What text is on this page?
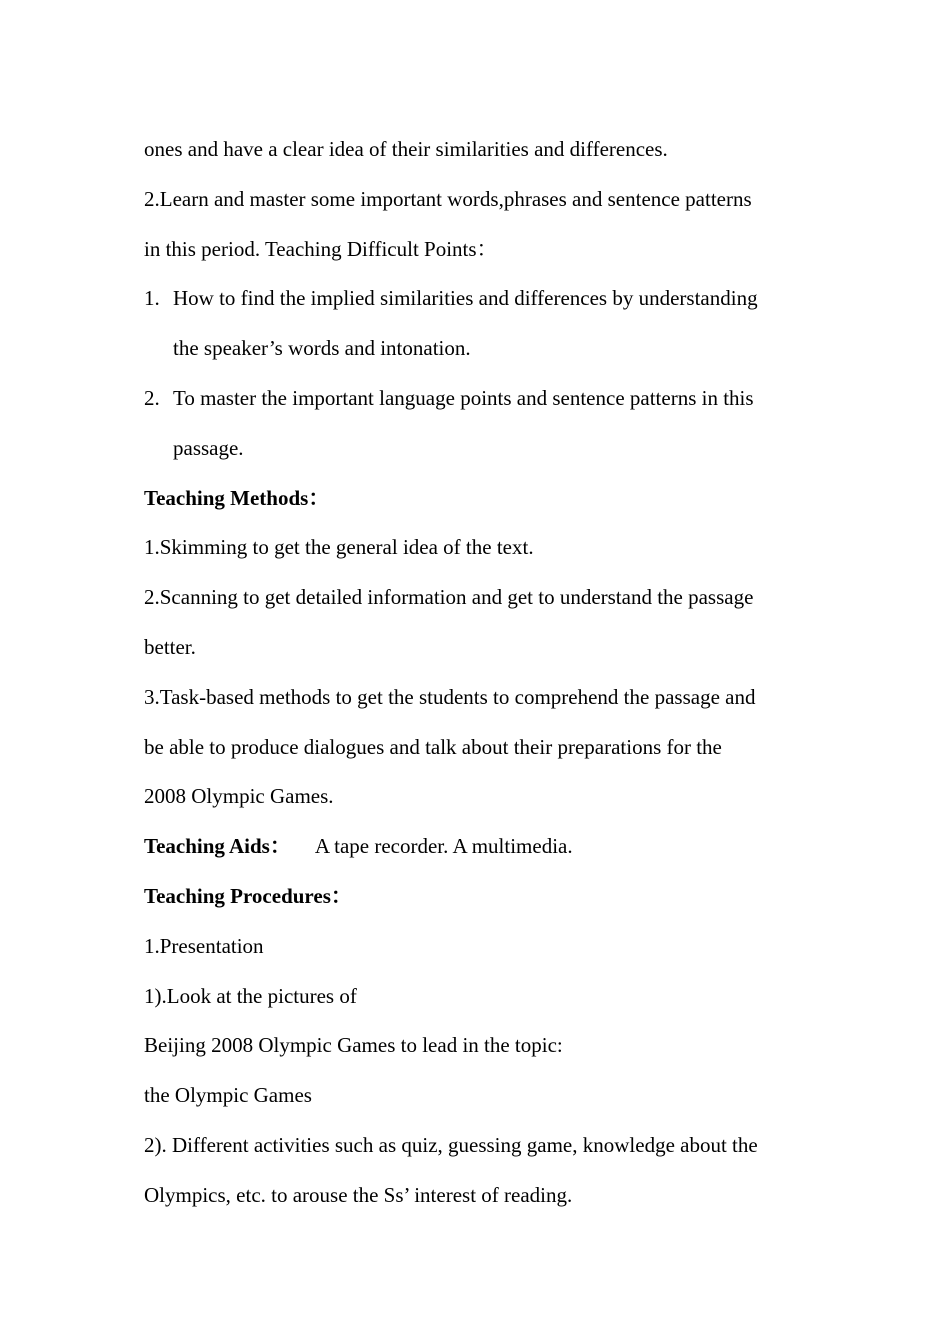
ones and have a clear idea of their similarities and differences.
2.Learn and master some important words,phrases and sentence patterns
in this period. Teaching Difficult Points：
1. How to find the implied similarities and differences by understanding
the speaker’s words and intonation.
2. To master the important language points and sentence patterns in this
passage.
Teaching Methods：
1.Skimming to get the general idea of the text.
2.Scanning to get detailed information and get to understand the passage
better.
3.Task-based methods to get the students to comprehend the passage and
be able to produce dialogues and talk about their preparations for the
2008 Olympic Games.
Teaching Aids： A tape recorder. A multimedia.
Teaching Procedures：
1.Presentation
1).Look at the pictures of
Beijing 2008 Olympic Games to lead in the topic:
the Olympic Games
2). Different activities such as quiz, guessing game, knowledge about the
Olympics, etc. to arouse the Ss’ interest of reading.
